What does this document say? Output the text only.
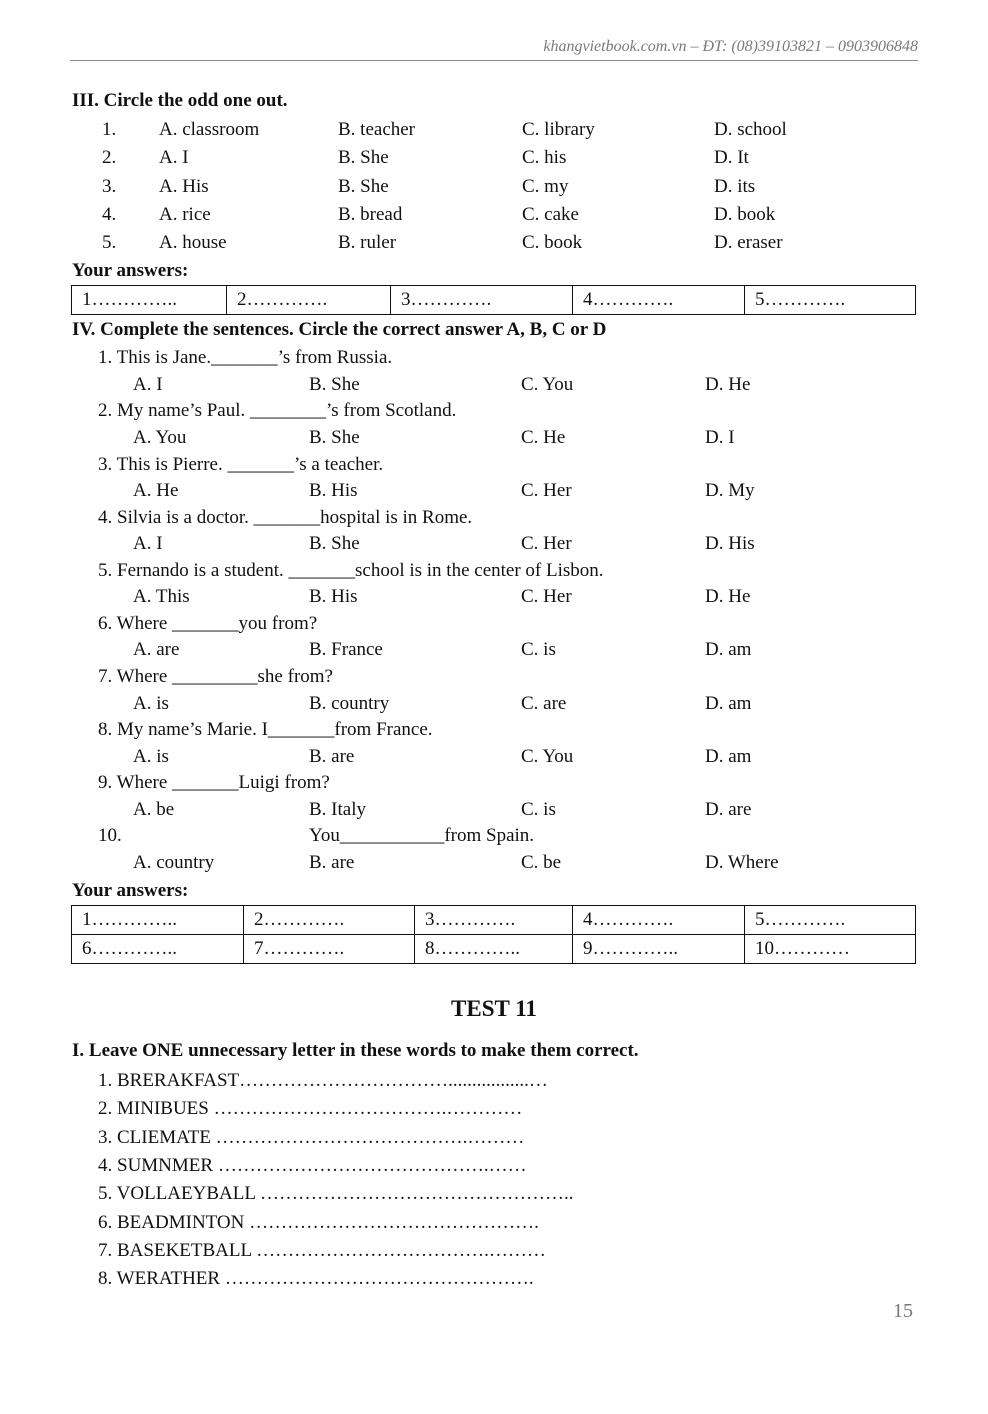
khangvietbook.com.vn – ĐT: (08)39103821 – 0903906848
III. Circle the odd one out.
1. A. classroom	B. teacher	C. library	D. school
2. A. I	B. She	C. his	D. It
3. A. His	B. She	C. my	D. its
4. A. rice	B. bread	C. cake	D. book
5. A. house	B. ruler	C. book	D. eraser
Your answers:
1…………..	2………….	3………….	4………….	5………….
IV. Complete the sentences. Circle the correct answer A, B, C or D
1. This is Jane._______’s from Russia.
A. I	B. She	C. You	D. He
2. My name’s Paul. ________’s from Scotland.
A. You	B. She	C. He	D. I
3. This is Pierre. _______’s a teacher.
A. He	B. His	C. Her	D. My
4. Silvia is a doctor. _______hospital is in Rome.
A. I	B. She	C. Her	D. His
5. Fernando is a student. _______school is in the center of Lisbon.
A. This	B. His	C. Her	D. He
6. Where _______you from?
A. are	B. France	C. is	D. am
7. Where _________she from?
A. is	B. country	C. are	D. am
8. My name’s Marie. I_______from France.
A. is	B. are	C. You	D. am
9. Where _______Luigi from?
A. be	B. Italy	C. is	D. are
10.	You___________from Spain.
A. country	B. are	C. be	D. Where
Your answers:
1…………..	2………….	3………….	4………….	5………….
6…………..	7………….	8…………..	9…………..	10…………
TEST 11
I. Leave ONE unnecessary letter in these words to make them correct.
1. BRERAKFAST…………………………….................…
2. MINIBUES ……………………………….…………
3. CLIEMATE ………………………………….………
4. SUMNMER …………………………………….……
5. VOLLAEYBALL …………………………………………..
6. BEADMINTON ……………………………………….
7. BASEKETBALL ……………………………….………
8. WERATHER ………………………………………….
15
